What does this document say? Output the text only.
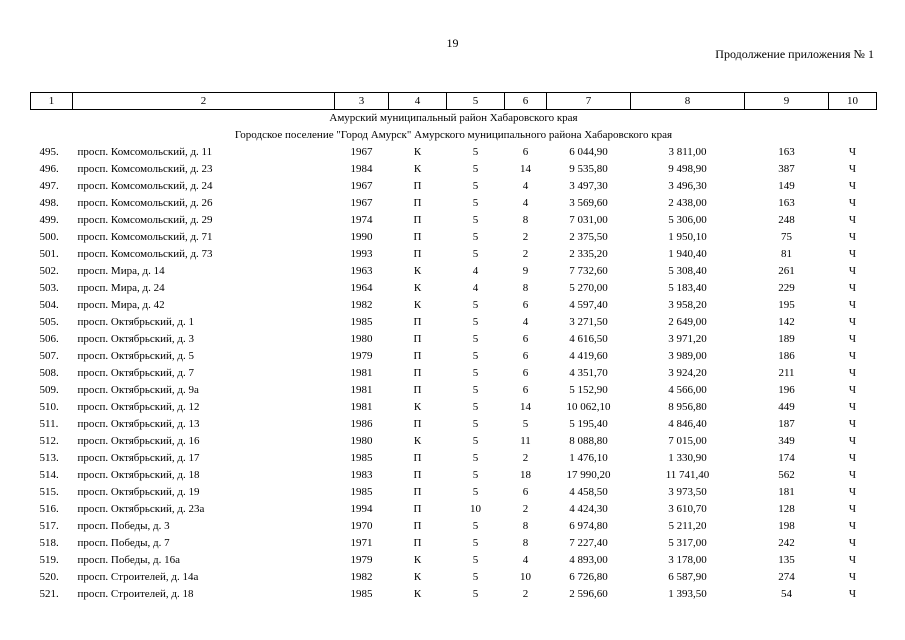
19
Продолжение приложения № 1
1	2	3	4	5	6	7	8	9	10
Амурский муниципальный район Хабаровского края									
Городское поселение "Город Амурск" Амурского муниципального района Хабаровского края									
495.	просп. Комсомольский, д. 11	1967	К	5	6	6 044,90	3 811,00	163	Ч
496.	просп. Комсомольский, д. 23	1984	К	5	14	9 535,80	9 498,90	387	Ч
497.	просп. Комсомольский, д. 24	1967	П	5	4	3 497,30	3 496,30	149	Ч
498.	просп. Комсомольский, д. 26	1967	П	5	4	3 569,60	2 438,00	163	Ч
499.	просп. Комсомольский, д. 29	1974	П	5	8	7 031,00	5 306,00	248	Ч
500.	просп. Комсомольский, д. 71	1990	П	5	2	2 375,50	1 950,10	75	Ч
501.	просп. Комсомольский, д. 73	1993	П	5	2	2 335,20	1 940,40	81	Ч
502.	просп. Мира, д. 14	1963	К	4	9	7 732,60	5 308,40	261	Ч
503.	просп. Мира, д. 24	1964	К	4	8	5 270,00	5 183,40	229	Ч
504.	просп. Мира, д. 42	1982	К	5	6	4 597,40	3 958,20	195	Ч
505.	просп. Октябрьский, д. 1	1985	П	5	4	3 271,50	2 649,00	142	Ч
506.	просп. Октябрьский, д. 3	1980	П	5	6	4 616,50	3 971,20	189	Ч
507.	просп. Октябрьский, д. 5	1979	П	5	6	4 419,60	3 989,00	186	Ч
508.	просп. Октябрьский, д. 7	1981	П	5	6	4 351,70	3 924,20	211	Ч
509.	просп. Октябрьский, д. 9а	1981	П	5	6	5 152,90	4 566,00	196	Ч
510.	просп. Октябрьский, д. 12	1981	К	5	14	10 062,10	8 956,80	449	Ч
511.	просп. Октябрьский, д. 13	1986	П	5	5	5 195,40	4 846,40	187	Ч
512.	просп. Октябрьский, д. 16	1980	К	5	11	8 088,80	7 015,00	349	Ч
513.	просп. Октябрьский, д. 17	1985	П	5	2	1 476,10	1 330,90	174	Ч
514.	просп. Октябрьский, д. 18	1983	П	5	18	17 990,20	11 741,40	562	Ч
515.	просп. Октябрьский, д. 19	1985	П	5	6	4 458,50	3 973,50	181	Ч
516.	просп. Октябрьский, д. 23а	1994	П	10	2	4 424,30	3 610,70	128	Ч
517.	просп. Победы, д. 3	1970	П	5	8	6 974,80	5 211,20	198	Ч
518.	просп. Победы, д. 7	1971	П	5	8	7 227,40	5 317,00	242	Ч
519.	просп. Победы, д. 16а	1979	К	5	4	4 893,00	3 178,00	135	Ч
520.	просп. Строителей, д. 14а	1982	К	5	10	6 726,80	6 587,90	274	Ч
521.	просп. Строителей, д. 18	1985	К	5	2	2 596,60	1 393,50	54	Ч
